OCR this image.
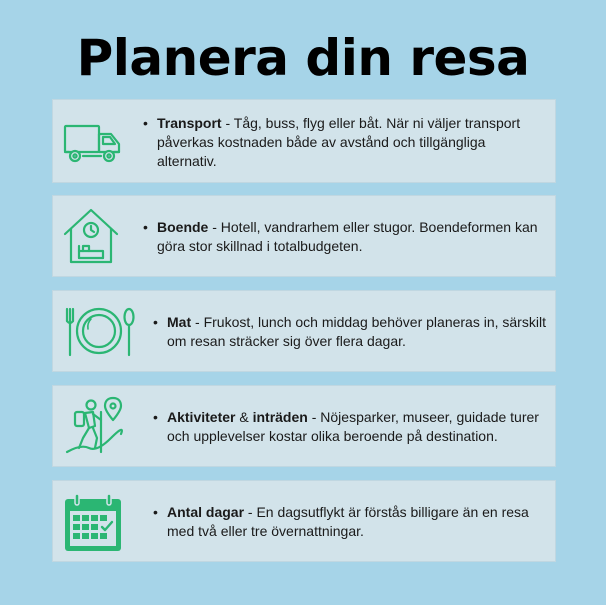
Planera din resa
• Transport - Tåg, buss, flyg eller båt. När ni väljer transport påverkas kostnaden både av avstånd och tillgängliga alternativ.
• Boende - Hotell, vandrarhem eller stugor. Boendeformen kan göra stor skillnad i totalbudgeten.
• Mat - Frukost, lunch och middag behöver planeras in, särskilt om resan sträcker sig över flera dagar.
• Aktiviteter & inträden - Nöjesparker, museer, guidade turer och upplevelser kostar olika beroende på destination.
• Antal dagar - En dagsutflykt är förstås billigare än en resa med två eller tre övernattningar.
